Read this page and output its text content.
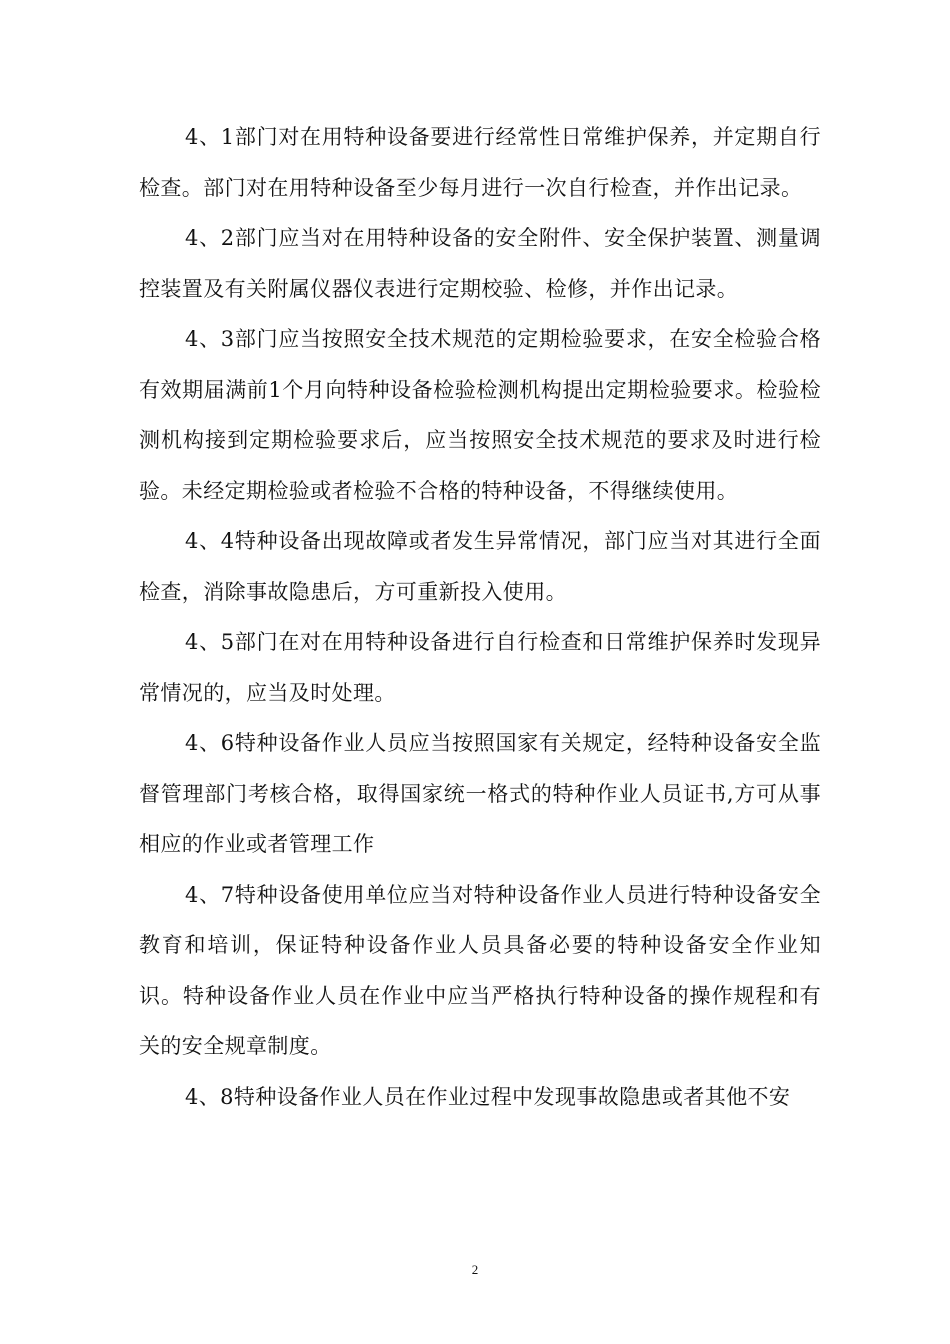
4、1部门对在用特种设备要进行经常性日常维护保养，并定期自行检查。部门对在用特种设备至少每月进行一次自行检查，并作出记录。

4、2部门应当对在用特种设备的安全附件、安全保护装置、测量调控装置及有关附属仪器仪表进行定期校验、检修，并作出记录。

4、3部门应当按照安全技术规范的定期检验要求，在安全检验合格有效期届满前1个月向特种设备检验检测机构提出定期检验要求。检验检测机构接到定期检验要求后，应当按照安全技术规范的要求及时进行检验。未经定期检验或者检验不合格的特种设备，不得继续使用。

4、4特种设备出现故障或者发生异常情况，部门应当对其进行全面检查，消除事故隐患后，方可重新投入使用。

4、5部门在对在用特种设备进行自行检查和日常维护保养时发现异常情况的，应当及时处理。

4、6特种设备作业人员应当按照国家有关规定，经特种设备安全监督管理部门考核合格，取得国家统一格式的特种作业人员证书,方可从事相应的作业或者管理工作

4、7特种设备使用单位应当对特种设备作业人员进行特种设备安全教育和培训，保证特种设备作业人员具备必要的特种设备安全作业知识。特种设备作业人员在作业中应当严格执行特种设备的操作规程和有关的安全规章制度。

4、8特种设备作业人员在作业过程中发现事故隐患或者其他不安

2
